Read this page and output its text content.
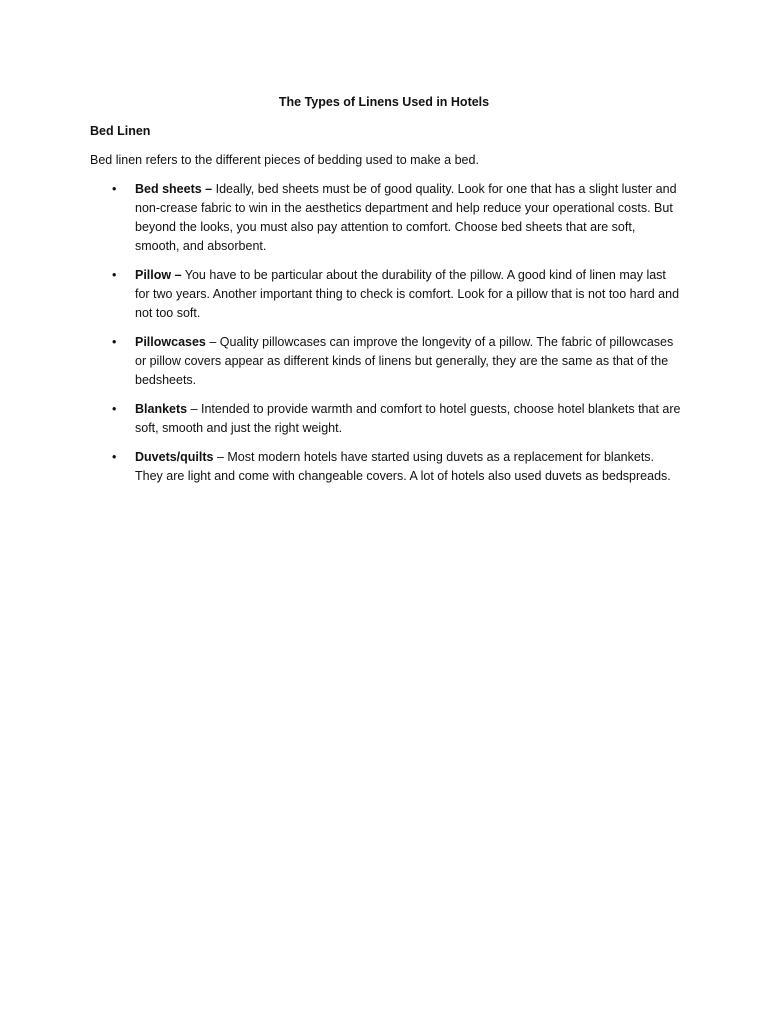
The Types of Linens Used in Hotels
Bed Linen
Bed linen refers to the different pieces of bedding used to make a bed.
• Bed sheets – Ideally, bed sheets must be of good quality. Look for one that has a slight luster and non-crease fabric to win in the aesthetics department and help reduce your operational costs. But beyond the looks, you must also pay attention to comfort. Choose bed sheets that are soft, smooth, and absorbent.
• Pillow – You have to be particular about the durability of the pillow. A good kind of linen may last for two years. Another important thing to check is comfort. Look for a pillow that is not too hard and not too soft.
• Pillowcases – Quality pillowcases can improve the longevity of a pillow. The fabric of pillowcases or pillow covers appear as different kinds of linens but generally, they are the same as that of the bedsheets.
• Blankets – Intended to provide warmth and comfort to hotel guests, choose hotel blankets that are soft, smooth and just the right weight.
• Duvets/quilts – Most modern hotels have started using duvets as a replacement for blankets. They are light and come with changeable covers. A lot of hotels also used duvets as bedspreads.
